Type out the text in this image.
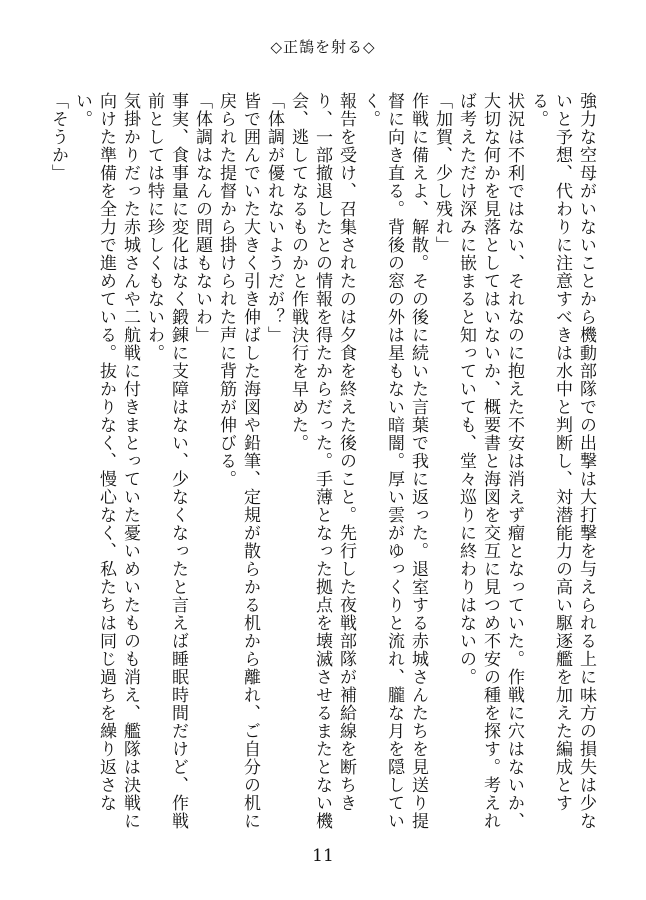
◇正鵠を射る◇

強力な空母がいないことから機動部隊での出撃は大打撃を与えられる上に味方の損失は少ないと予想、代わりに注意すべきは水中と判断し、対潜能力の高い駆逐艦を加えた編成とする。

状況は不利ではない、それなのに抱えた不安は消えず瘤となっていた。作戦に穴はないか、大切な何かを見落としてはいないか、概要書と海図を交互に見つめ不安の種を探す。考えれば考えただけ深みに嵌まると知っていても、堂々巡りに終わりはないの。

「加賀、少し残れ」

作戦に備えよ、解散。その後に続いた言葉で我に返った。退室する赤城さんたちを見送り提督に向き直る。背後の窓の外は星もない暗闇。厚い雲がゆっくりと流れ、朧な月を隠していく。

報告を受け、召集されたのは夕食を終えた後のこと。先行した夜戦部隊が補給線を断ちきり、一部撤退したとの情報を得たからだった。手薄となった拠点を壊滅させるまたとない機会、逃してなるものかと作戦決行を早めた。

「体調が優れないようだが？」

皆で囲んでいた大きく引き伸ばした海図や鉛筆、定規が散らかる机から離れ、ご自分の机に戻られた提督から掛けられた声に背筋が伸びる。

「体調はなんの問題もないわ」

事実、食事量に変化はなく鍛錬に支障はない、少なくなったと言えば睡眠時間だけど、作戦前としては特に珍しくもないわ。

気掛かりだった赤城さんや二航戦に付きまとっていた憂いめいたものも消え、艦隊は決戦に向けた準備を全力で進めている。抜かりなく、慢心なく、私たちは同じ過ちを繰り返さない。

「そうか」

11
